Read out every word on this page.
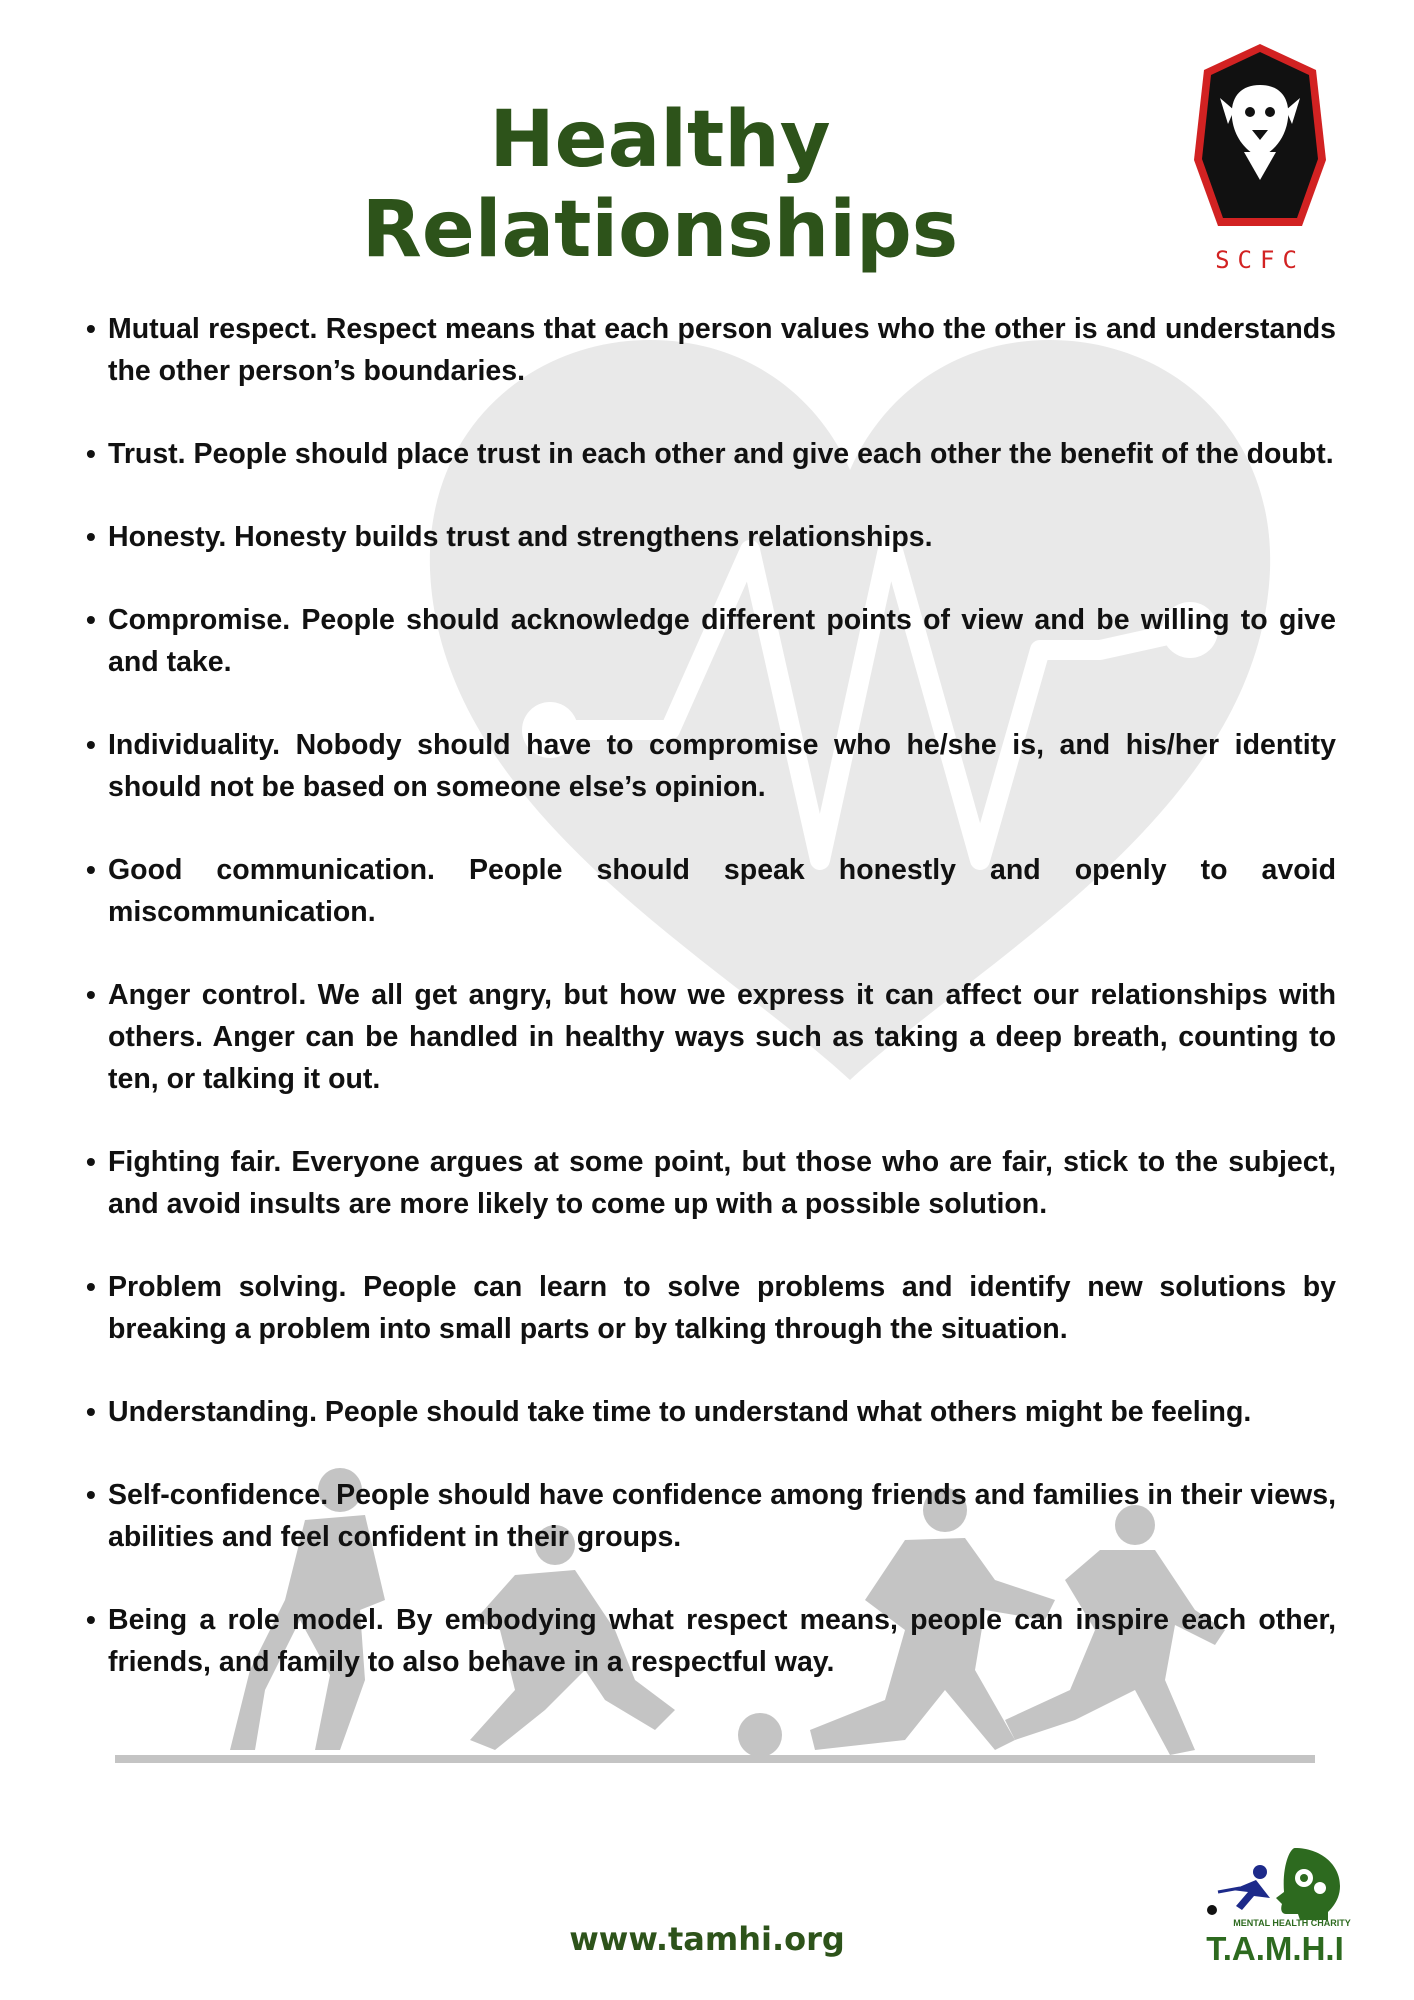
Healthy Relationships	SCFC
• Mutual respect. Respect means that each person values who the other is and understands the other person’s boundaries.
• Trust. People should place trust in each other and give each other the benefit of the doubt.
• Honesty. Honesty builds trust and strengthens relationships.
• Compromise. People should acknowledge different points of view and be willing to give and take.
• Individuality. Nobody should have to compromise who he/she is, and his/her identity should not be based on someone else’s opinion.
• Good communication. People should speak honestly and openly to avoid miscommunication.
• Anger control. We all get angry, but how we express it can affect our relationships with others. Anger can be handled in healthy ways such as taking a deep breath, counting to ten, or talking it out.
• Fighting fair. Everyone argues at some point, but those who are fair, stick to the subject, and avoid insults are more likely to come up with a possible solution.
• Problem solving. People can learn to solve problems and identify new solutions by breaking a problem into small parts or by talking through the situation.
• Understanding. People should take time to understand what others might be feeling.
• Self-confidence. People should have confidence among friends and families in their views, abilities and feel confident in their groups.
• Being a role model. By embodying what respect means, people can inspire each other, friends, and family to also behave in a respectful way.
www.tamhi.org	MENTAL HEALTH CHARITY
T.A.M.H.I
